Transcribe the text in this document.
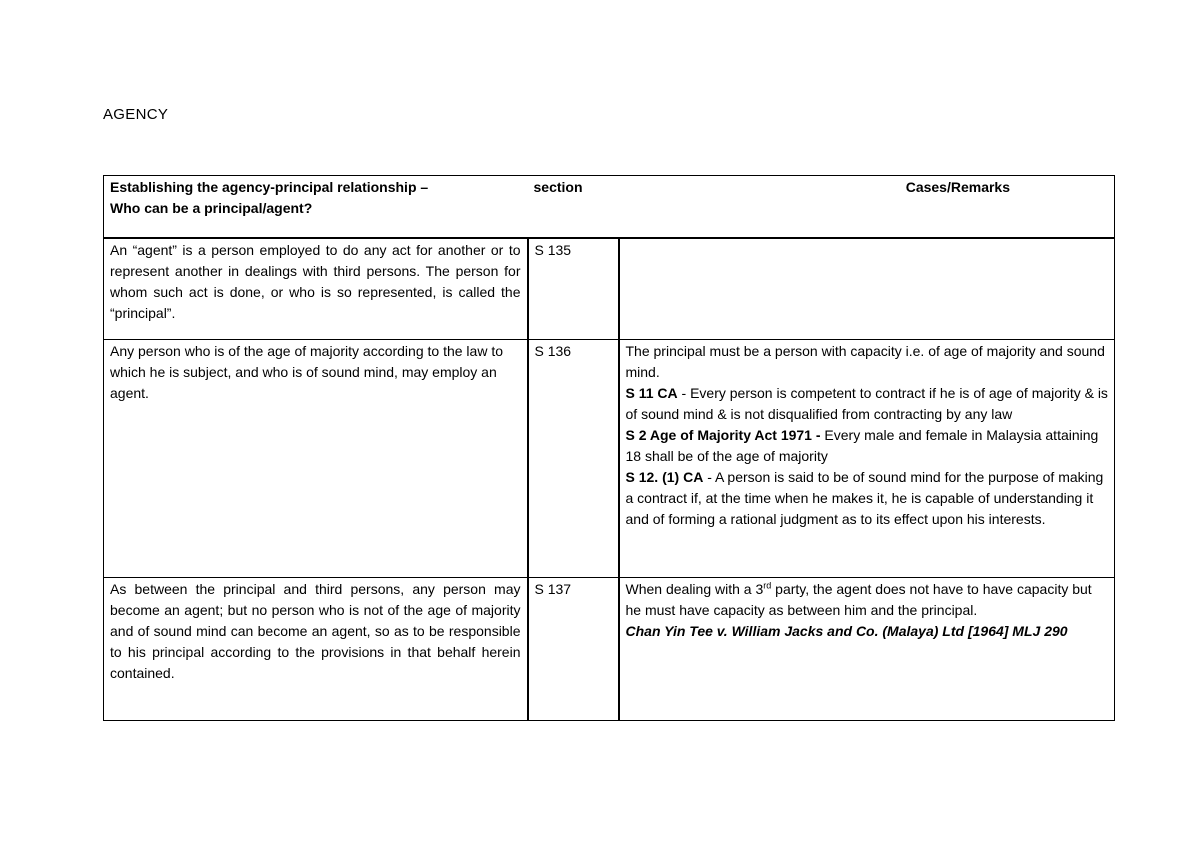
AGENCY
Establishing the agency-principal relationship –
Who can be a principal/agent?	section	Cases/Remarks
An “agent” is a person employed to do any act for another or to represent another in dealings with third persons. The person for whom such act is done, or who is so represented, is called the “principal”.	S 135	
Any person who is of the age of majority according to the law to which he is subject, and who is of sound mind, may employ an agent.	S 136	The principal must be a person with capacity i.e. of age of majority and sound mind.
S 11 CA - Every person is competent to contract if he is of age of majority & is of sound mind & is not disqualified from contracting by any law
S 2 Age of Majority Act 1971 - Every male and female in Malaysia attaining 18 shall be of the age of majority
S 12. (1) CA - A person is said to be of sound mind for the purpose of making a contract if, at the time when he makes it, he is capable of understanding it and of forming a rational judgment as to its effect upon his interests.
As between the principal and third persons, any person may become an agent; but no person who is not of the age of majority and of sound mind can become an agent, so as to be responsible to his principal according to the provisions in that behalf herein contained.	S 137	When dealing with a 3rd party, the agent does not have to have capacity but he must have capacity as between him and the principal.
Chan Yin Tee v. William Jacks and Co. (Malaya) Ltd [1964] MLJ 290
